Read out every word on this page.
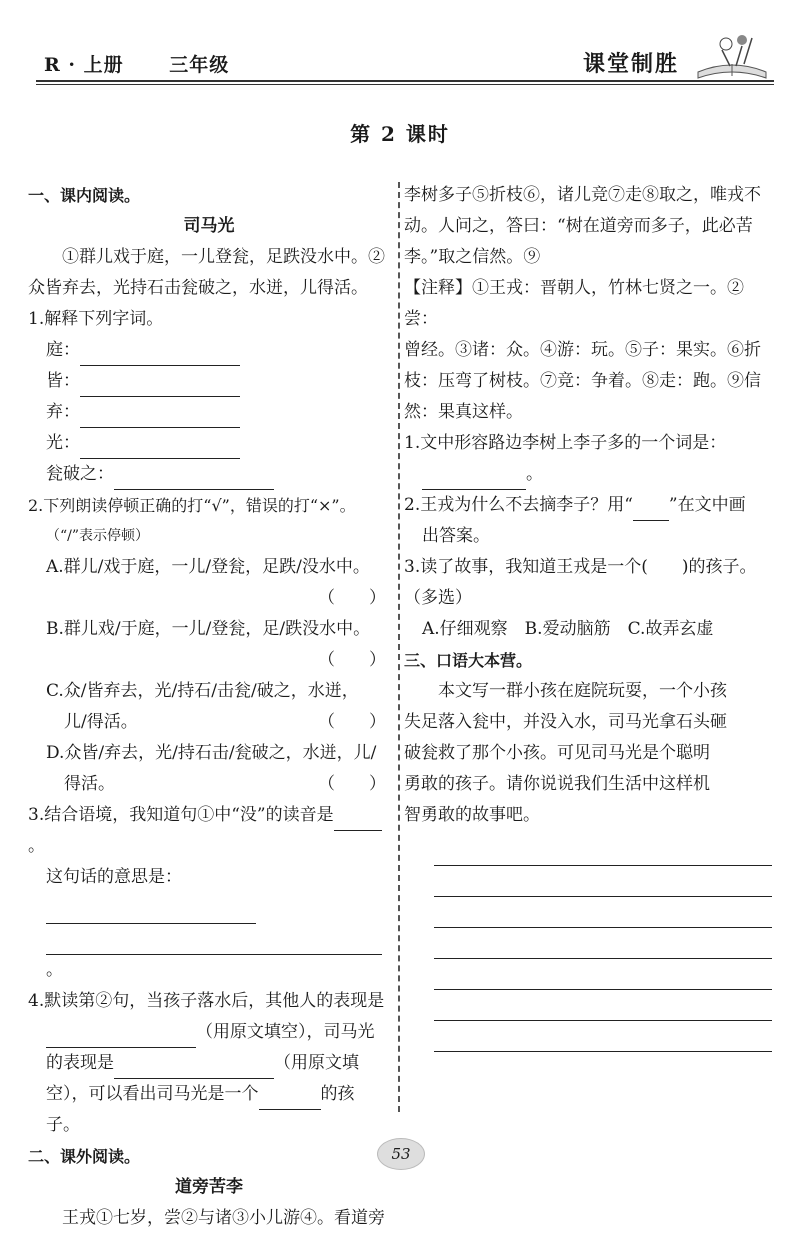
R · 上册 三年级	课堂制胜
第 2 课时
一、课内阅读。
司马光
①群儿戏于庭，一儿登瓮，足跌没水中。②
众皆弃去，光持石击瓮破之，水迸，儿得活。
1.解释下列字词。
庭：
皆：
弃：
光：
瓮破之：
2.下列朗读停顿正确的打“√”，错误的打“×”。
（“/”表示停顿）
A.群儿/戏于庭，一儿/登瓮，足跌/没水中。
（　　）
B.群儿戏/于庭，一儿/登瓮，足/跌没水中。
（　　）
C.众/皆弃去，光/持石/击瓮/破之，水迸，
儿/得活。	（　　）
D.众皆/弃去，光/持石击/瓮破之，水迸，儿/
得活。	（　　）
3.结合语境，我知道句①中“没”的读音是。
这句话的意思是：
。
4.默读第②句，当孩子落水后，其他人的表现是
（用原文填空），司马光
的表现是	（用原文填
空），可以看出司马光是一个	的孩
子。
二、课外阅读。
道旁苦李
王戎①七岁，尝②与诸③小儿游④。看道旁
李树多子⑤折枝⑥，诸儿竞⑦走⑧取之，唯戎不
动。人问之，答曰：“树在道旁而多子，此必苦
李。”取之信然。⑨
【注释】①王戎：晋朝人，竹林七贤之一。②尝：
曾经。③诸：众。④游：玩。⑤子：果实。⑥折
枝：压弯了树枝。⑦竞：争着。⑧走：跑。⑨信
然：果真这样。
1.文中形容路边李树上李子多的一个词是：
。
2.王戎为什么不去摘李子？用“ ”在文中画
出答案。
3.读了故事，我知道王戎是一个( )的孩子。（多选）
A.仔细观察　B.爱动脑筋　C.故弄玄虚
三、口语大本营。
本文写一群小孩在庭院玩耍，一个小孩
失足落入瓮中，并没入水，司马光拿石头砸
破瓮救了那个小孩。可见司马光是个聪明
勇敢的孩子。请你说说我们生活中这样机
智勇敢的故事吧。
53
